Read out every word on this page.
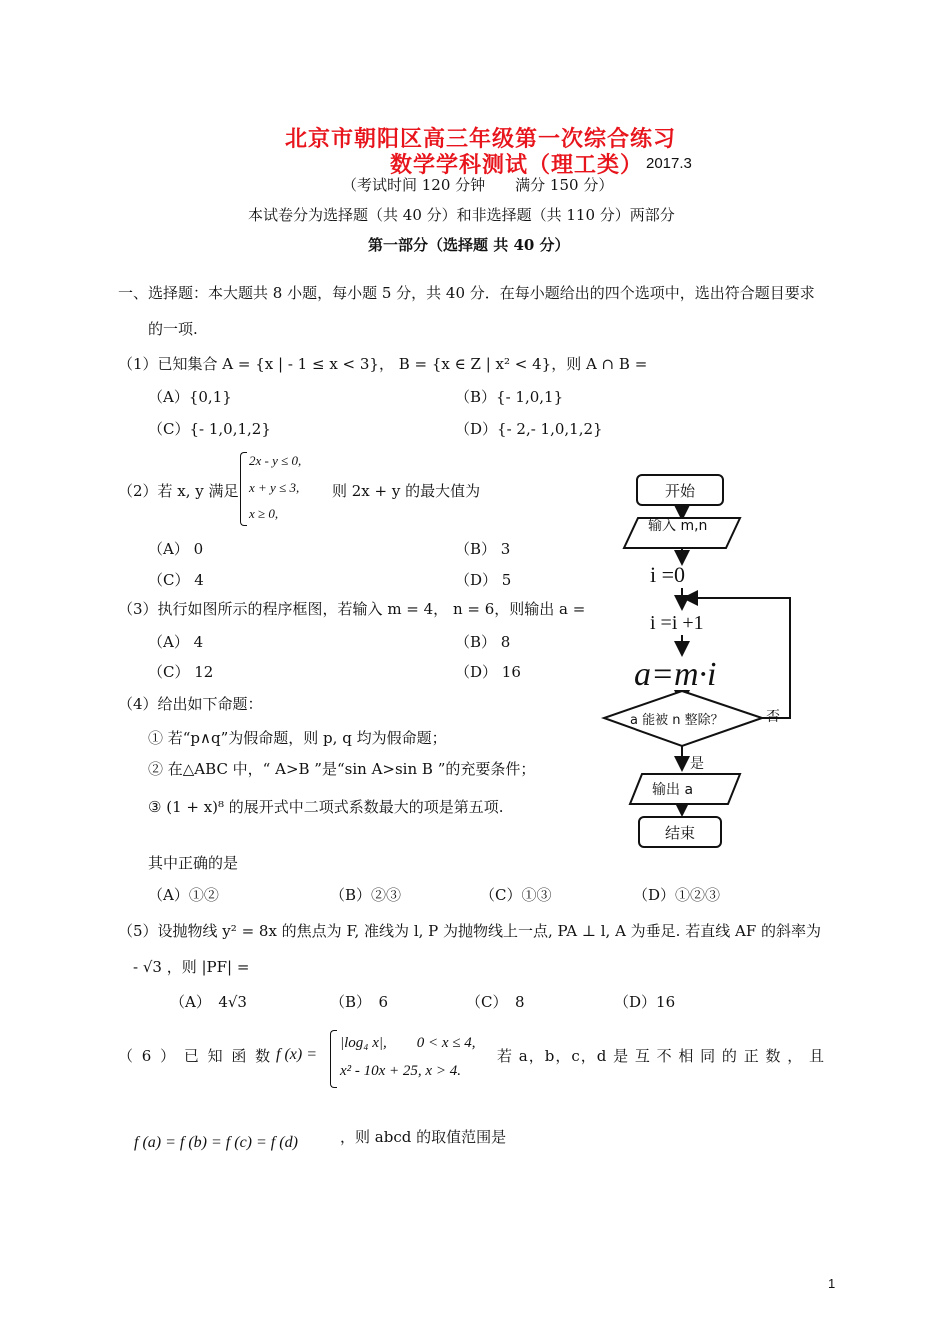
北京市朝阳区高三年级第一次综合练习
数学学科测试（理工类） 2017.3
（考试时间 120 分钟　　满分 150 分）
本试卷分为选择题（共 40 分）和非选择题（共 110 分）两部分
第一部分（选择题 共 40 分）
一、选择题：本大题共 8 小题，每小题 5 分，共 40 分．在每小题给出的四个选项中，选出符合题目要求
的一项.
（1）已知集合 A = {x | - 1 ≤ x < 3}， B = {x ∈ Z | x² < 4}，则 A ∩ B =
（A）{0,1}	（B）{- 1,0,1}
（C）{- 1,0,1,2}	（D）{- 2,- 1,0,1,2}
（2）若 x, y 满足
2x - y ≤ 0,
x + y ≤ 3,
x ≥ 0,
则 2x + y 的最大值为
（A） 0	（B） 3
（C） 4	（D） 5
（3）执行如图所示的程序框图，若输入 m = 4， n = 6，则输出 a =
（A） 4	（B） 8
（C） 12	（D） 16
（4）给出如下命题：
① 若“p∧q”为假命题，则 p, q 均为假命题；
② 在△ABC 中，“ A>B ”是“sin A>sin B ”的充要条件；
③ (1 + x)⁸ 的展开式中二项式系数最大的项是第五项.
其中正确的是
（A）①②	（B）②③	（C）①③	（D）①②③
（5）设抛物线 y² = 8x 的焦点为 F, 准线为 l, P 为抛物线上一点, PA ⊥ l, A 为垂足. 若直线 AF 的斜率为
- √3 ，则 |PF| =
（A）　4√3	（B）　6	（C）　8	（D）16
（ 6 ） 已 知 函 数 f (x) =
|log₄ x|,　　0 < x ≤ 4,
x² - 10x + 25, x > 4.
若 a，b，c，d 是 互 不 相 同 的 正 数 ， 且
f (a) = f (b) = f (c) = f (d)	，则 abcd 的取值范围是
开始
输入 m,n
i =0
i =i +1
a=m·i
a 能被 n 整除？	否
是
输出 a
结束
1
